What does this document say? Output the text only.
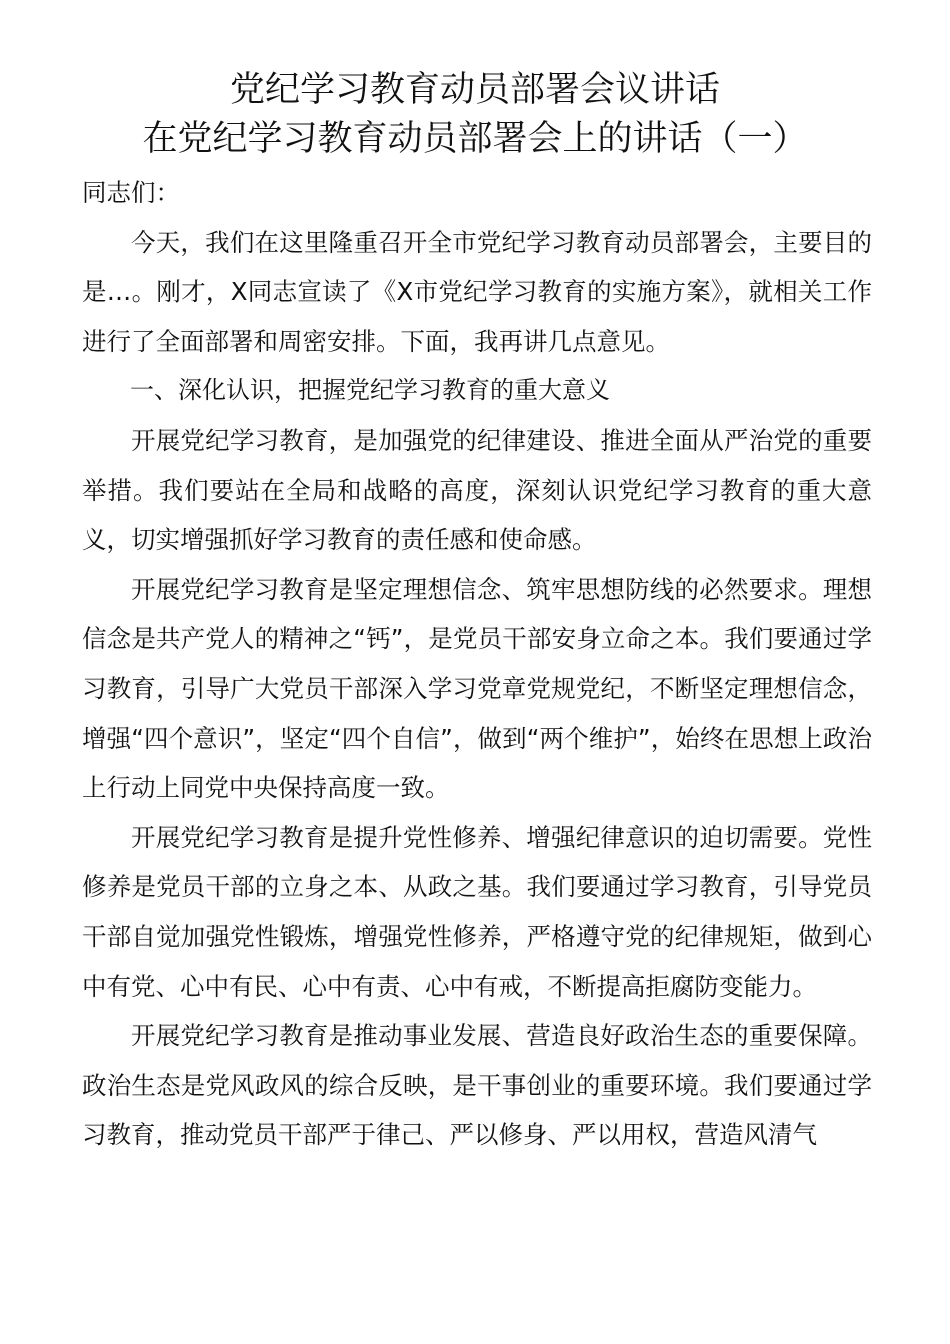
党纪学习教育动员部署会议讲话
在党纪学习教育动员部署会上的讲话（一）

同志们：

今天，我们在这里隆重召开全市党纪学习教育动员部署会，主要目的是…。刚才，X同志宣读了《X市党纪学习教育的实施方案》，就相关工作进行了全面部署和周密安排。下面，我再讲几点意见。

一、深化认识，把握党纪学习教育的重大意义

开展党纪学习教育，是加强党的纪律建设、推进全面从严治党的重要举措。我们要站在全局和战略的高度，深刻认识党纪学习教育的重大意义，切实增强抓好学习教育的责任感和使命感。

开展党纪学习教育是坚定理想信念、筑牢思想防线的必然要求。理想信念是共产党人的精神之“钙”，是党员干部安身立命之本。我们要通过学习教育，引导广大党员干部深入学习党章党规党纪，不断坚定理想信念，增强“四个意识”，坚定“四个自信”，做到“两个维护”，始终在思想上政治上行动上同党中央保持高度一致。

开展党纪学习教育是提升党性修养、增强纪律意识的迫切需要。党性修养是党员干部的立身之本、从政之基。我们要通过学习教育，引导党员干部自觉加强党性锻炼，增强党性修养，严格遵守党的纪律规矩，做到心中有党、心中有民、心中有责、心中有戒，不断提高拒腐防变能力。

开展党纪学习教育是推动事业发展、营造良好政治生态的重要保障。政治生态是党风政风的综合反映，是干事创业的重要环境。我们要通过学习教育，推动党员干部严于律己、严以修身、严以用权，营造风清气
